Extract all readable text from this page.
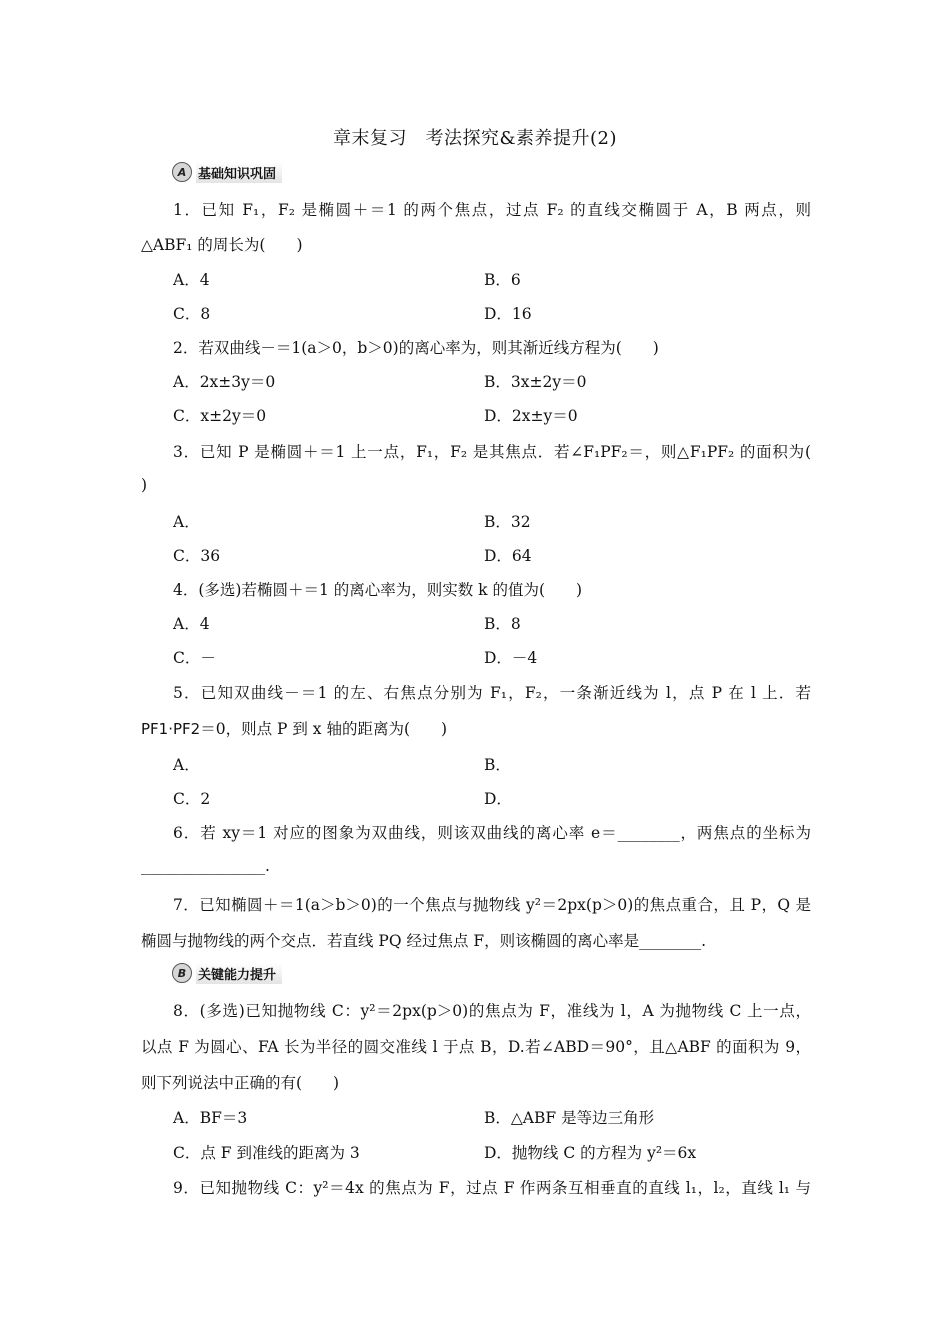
章末复习　考法探究&素养提升(2)
A 基础知识巩固
1．已知 F₁，F₂ 是椭圆＋＝1 的两个焦点，过点 F₂ 的直线交椭圆于 A，B 两点，则
△ABF₁ 的周长为(　　)
A．4	B．6
C．8	D．16
2．若双曲线－＝1(a＞0，b＞0)的离心率为，则其渐近线方程为(　　)
A．2x±3y＝0	B．3x±2y＝0
C．x±2y＝0	D．2x±y＝0
3．已知 P 是椭圆＋＝1 上一点，F₁，F₂ 是其焦点．若∠F₁PF₂＝，则△F₁PF₂ 的面积为(
)
A．	B．32
C．36	D．64
4．(多选)若椭圆＋＝1 的离心率为，则实数 k 的值为(　　)
A．4	B．8
C．－	D．－4
5．已知双曲线－＝1 的左、右焦点分别为 F₁，F₂，一条渐近线为 l，点 P 在 l 上．若
PF1·PF2＝0，则点 P 到 x 轴的距离为(　　)
A．	B．
C．2	D．
6．若 xy＝1 对应的图象为双曲线，则该双曲线的离心率 e＝________，两焦点的坐标为
________________.
7．已知椭圆＋＝1(a＞b＞0)的一个焦点与抛物线 y²＝2px(p＞0)的焦点重合，且 P，Q 是
椭圆与抛物线的两个交点．若直线 PQ 经过焦点 F，则该椭圆的离心率是________.
B 关键能力提升
8．(多选)已知抛物线 C：y²＝2px(p＞0)的焦点为 F，准线为 l，A 为抛物线 C 上一点，
以点 F 为圆心、FA 长为半径的圆交准线 l 于点 B，D.若∠ABD＝90°，且△ABF 的面积为 9，
则下列说法中正确的有(　　)
A．BF＝3	B．△ABF 是等边三角形
C．点 F 到准线的距离为 3	D．抛物线 C 的方程为 y²＝6x
9．已知抛物线 C：y²＝4x 的焦点为 F，过点 F 作两条互相垂直的直线 l₁，l₂，直线 l₁ 与
